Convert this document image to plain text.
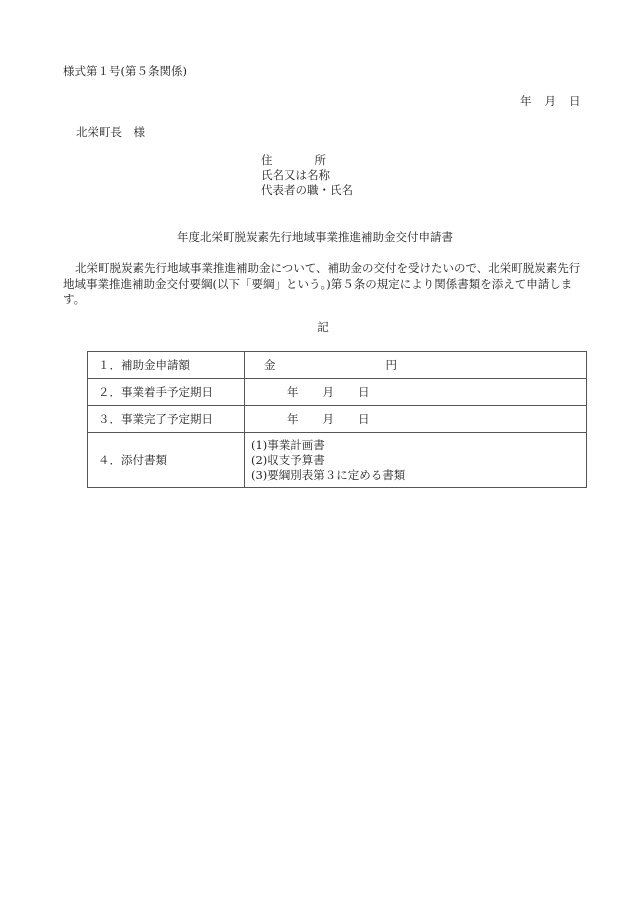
様式第１号(第５条関係)
年 月 日
北栄町長　様
住	所
氏名又は名称
代表者の職・氏名
年度北栄町脱炭素先行地域事業推進補助金交付申請書
北栄町脱炭素先行地域事業推進補助金について、補助金の交付を受けたいので、北栄町脱炭素先行地域事業推進補助金交付要綱(以下「要綱」という。)第５条の規定により関係書類を添えて申請します。
記
１．補助金申請額	金 円
２．事業着手予定期日	年 月 日
３．事業完了予定期日	年 月 日
４．添付書類	(1)事業計画書
(2)収支予算書
(3)要綱別表第３に定める書類
